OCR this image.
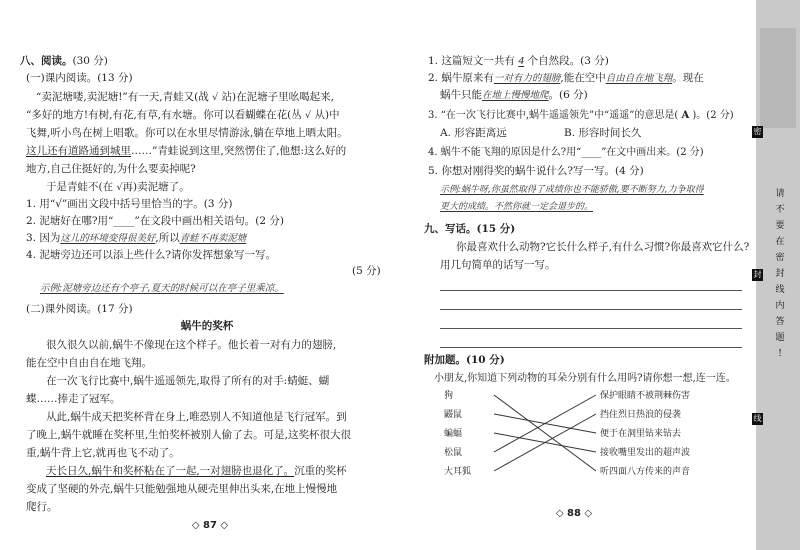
八、阅读。(30 分)
(一)课内阅读。(13 分)
“卖泥塘喽,卖泥塘!”有一天,青蛙又(战 √ 站)在泥塘子里吆喝起来,
“多好的地方!有树,有花,有草,有水塘。你可以看蝴蝶在花(丛 √ 从)中
飞舞,听小鸟在树上唱歌。你可以在水里尽情游泳,躺在草地上晒太阳。
这儿还有道路通到城里……”青蛙说到这里,突然愣住了,他想:这么好的
地方,自己住挺好的,为什么要卖掉呢?
于是青蛙不(在 √再)卖泥塘了。
1. 用“√”画出文段中括号里恰当的字。(3 分)
2. 泥塘好在哪?用“____”在文段中画出相关语句。(2 分)
3. 因为这儿的环境变得很美好,所以青蛙不再卖泥塘
4. 泥塘旁边还可以添上些什么?请你发挥想象写一写。
(5 分)
示例:泥塘旁边还有个亭子,夏天的时候可以在亭子里乘凉。
(二)课外阅读。(17 分)
蜗牛的奖杯
很久很久以前,蜗牛不像现在这个样子。他长着一对有力的翅膀,
能在空中自由自在地飞翔。
在一次飞行比赛中,蜗牛遥遥领先,取得了所有的对手:蜻蜓、蝴
蝶……捧走了冠军。
从此,蜗牛成天把奖杯背在身上,唯恐别人不知道他是飞行冠军。到
了晚上,蜗牛就睡在奖杯里,生怕奖杯被别人偷了去。可是,这奖杯很大很
重,蜗牛背上它,就再也飞不动了。
天长日久,蜗牛和奖杯粘在了一起,一对翅膀也退化了。沉重的奖杯
变成了坚硬的外壳,蜗牛只能勉强地从硬壳里伸出头来,在地上慢慢地
爬行。
◇ 87 ◇
1. 这篇短文一共有 4 个自然段。(3 分)
2. 蜗牛原来有一对有力的翅膀,能在空中自由自在地飞翔。现在
蜗牛只能在地上慢慢地爬。(6 分)
3. “在一次飞行比赛中,蜗牛遥遥领先”中“遥遥”的意思是( A )。(2 分)
A. 形容距离远	B. 形容时间长久
4. 蜗牛不能飞翔的原因是什么?用“____”在文中画出来。(2 分)
5. 你想对刚得奖的蜗牛说什么?写一写。(4 分)
示例:蜗牛呀,你虽然取得了成绩你也不能骄傲,要不断努力,力争取得
更大的成绩。不然你就一定会退步的。
九、写话。(15 分)
你最喜欢什么动物?它长什么样子,有什么习惯?你最喜欢它什么?
用几句简单的话写一写。
附加题。(10 分)
小朋友,你知道下列动物的耳朵分别有什么用吗?请你想一想,连一连。
狗
鼹鼠
蝙蝠
松鼠
大耳狐
保护眼睛不被荆棘伤害
挡住烈日热浪的侵袭
便于在洞里钻来钻去
接收嘴里发出的超声波
听四面八方传来的声音
◇ 88 ◇
密
封
线
请
不
要
在
密
封
线
内
答
题
!
